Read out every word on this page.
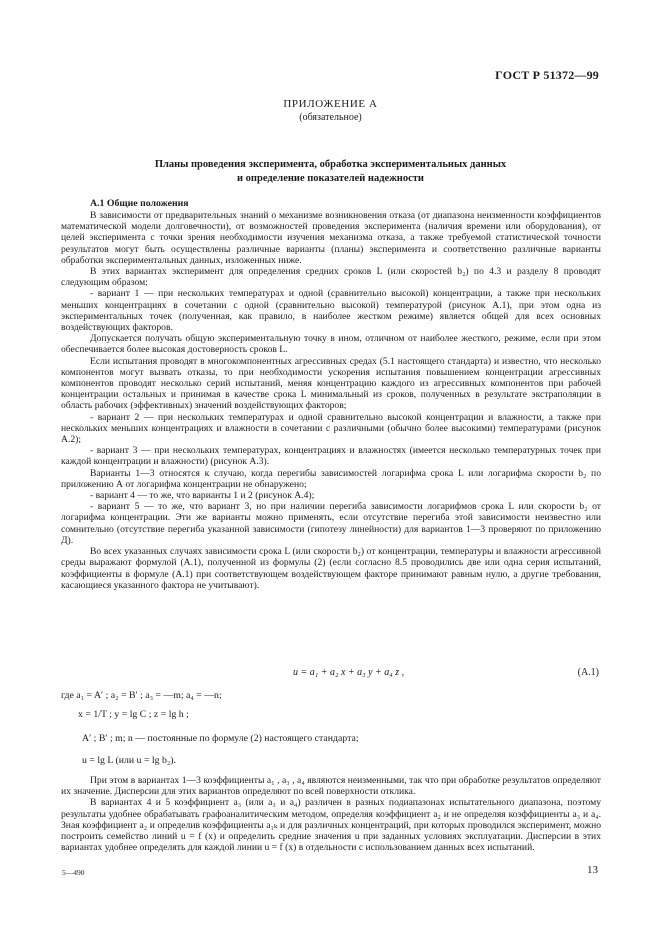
ГОСТ Р 51372—99
ПРИЛОЖЕНИЕ А
(обязательное)
Планы проведения эксперимента, обработка экспериментальных данных
и определение показателей надежности
А.1 Общие положения

В зависимости от предварительных знаний о механизме возникновения отказа (от диапазона неизменности коэффициентов математической модели долговечности), от возможностей проведения эксперимента (наличия времени или оборудования), от целей эксперимента с точки зрения необходимости изучения механизма отказа, а также требуемой статистической точности результатов могут быть осуществлены различные варианты (планы) эксперимента и соответственно различные варианты обработки экспериментальных данных, изложенных ниже.

В этих вариантах эксперимент для определения средних сроков L (или скоростей b₂) по 4.3 и разделу 8 проводят следующим образом:

- вариант 1 — при нескольких температурах и одной (сравнительно высокой) концентрации, а также при нескольких меньших концентрациях в сочетании с одной (сравнительно высокой) температурой (рисунок А.1), при этом одна из экспериментальных точек (полученная, как правило, в наиболее жестком режиме) является общей для всех основных воздействующих факторов.

Допускается получать общую экспериментальную точку в ином, отличном от наиболее жесткого, режиме, если при этом обеспечивается более высокая достоверность сроков L.

Если испытания проводят в многокомпонентных агрессивных средах (5.1 настоящего стандарта) и известно, что несколько компонентов могут вызвать отказы, то при необходимости ускорения испытания повышением концентрации агрессивных компонентов проводят несколько серий испытаний, меняя концентрацию каждого из агрессивных компонентов при рабочей концентрации остальных и принимая в качестве срока L минимальный из сроков, полученных в результате экстраполяции в область рабочих (эффективных) значений воздействующих факторов;

- вариант 2 — при нескольких температурах и одной сравнительно высокой концентрации и влажности, а также при нескольких меньших концентрациях и влажности в сочетании с различными (обычно более высокими) температурами (рисунок А.2);

- вариант 3 — при нескольких температурах, концентрациях и влажностях (имеется несколько температурных точек при каждой концентрации и влажности) (рисунок А.3).

Варианты 1—3 относятся к случаю, когда перегибы зависимостей логарифма срока L или логарифма скорости b₂ по приложению А от логарифма концентрации не обнаружено;

- вариант 4 — то же, что варианты 1 и 2 (рисунок А.4);

- вариант 5 — то же, что вариант 3, но при наличии перегиба зависимости логарифмов срока L или скорости b₂ от логарифма концентрации. Эти же варианты можно применять, если отсутствие перегиба этой зависимости неизвестно или сомнительно (отсутствие перегиба указанной зависимости (гипотезу линейности) для вариантов 1—3 проверяют по приложению Д).

Во всех указанных случаях зависимости срока L (или скорости b₂) от концентрации, температуры и влажности агрессивной среды выражают формулой (А.1), полученной из формулы (2) (если согласно 8.5 проводились две или одна серия испытаний, коэффициенты в формуле (А.1) при соответствующем воздействующем факторе принимают равным нулю, а другие требования, касающиеся указанного фактора не учитывают).

u = a₁ + a₂ x + a₃ y + a₄ z ,	(А.1)
где a₁ = A′ ; a₂ = B′ ; a₃ = —m; a₄ = —n;
x = 1/T ; y = lg C ; z = lg h ;
A′ ; B′ ; m; n — постоянные по формуле (2) настоящего стандарта;
u = lg L (или u = lg b₂).

При этом в вариантах 1—3 коэффициенты a₁ , a₃ , a₄ являются неизменными, так что при обработке результатов определяют их значение. Дисперсии для этих вариантов определяют по всей поверхности отклика.

В вариантах 4 и 5 коэффициент a₃ (или a₃ и a₄) различен в разных подиапазонах испытательного диапазона, поэтому результаты удобнее обрабатывать графоаналитическим методом, определяя коэффициент a₂ и не определяя коэффициенты a₃ и a₄. Зная коэффициент a₂ и определив коэффициенты a₁ₖ и для различных концентраций, при которых проводился эксперимент, можно построить семейство линий u = f (x) и определить средние значения u при заданных условиях эксплуатации. Дисперсии в этих вариантах удобнее определять для каждой линии u = f (x) в отдельности с использованием данных всех испытаний.

5—490	13
